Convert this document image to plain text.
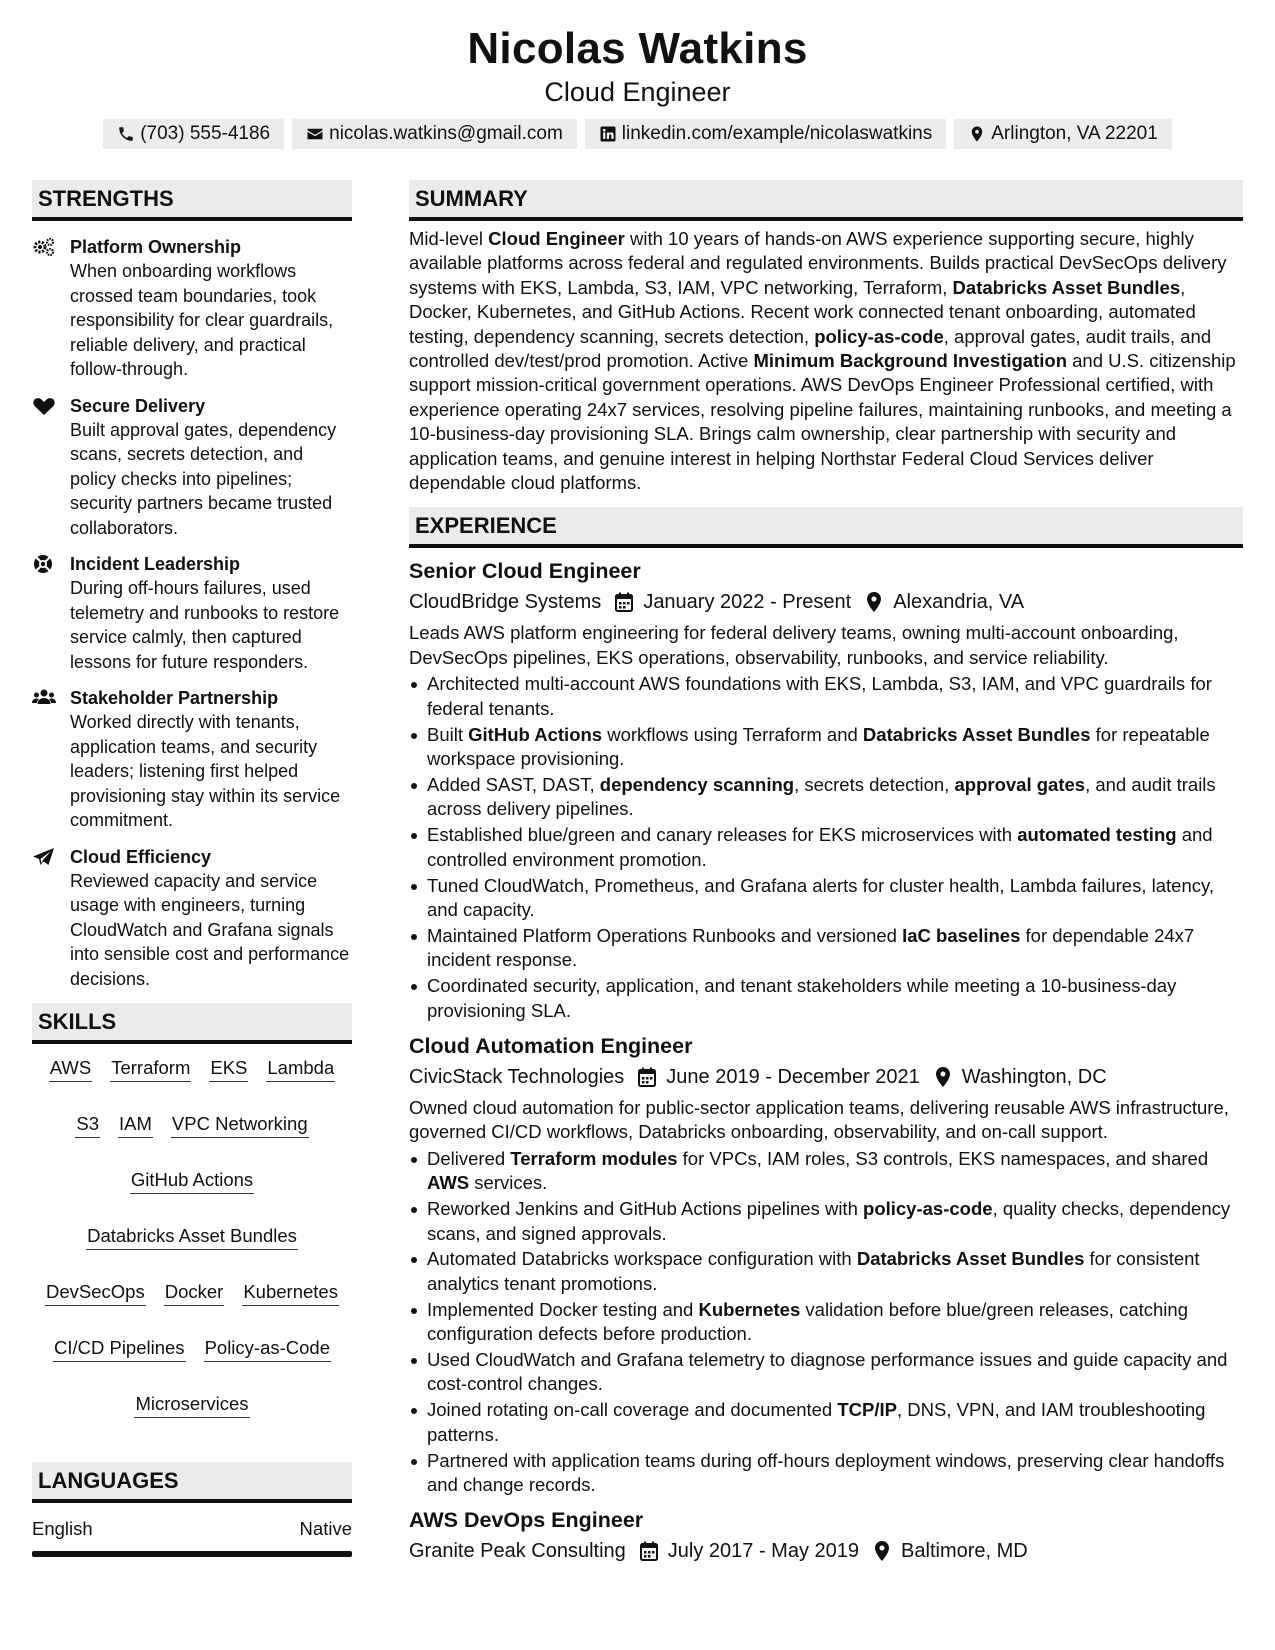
Nicolas Watkins
Cloud Engineer
(703) 555-4186	nicolas.watkins@gmail.com	linkedin.com/example/nicolaswatkins	Arlington, VA 22201
STRENGTHS
Platform Ownership
When onboarding workflows crossed team boundaries, took responsibility for clear guardrails, reliable delivery, and practical follow-through.
Secure Delivery
Built approval gates, dependency scans, secrets detection, and policy checks into pipelines; security partners became trusted collaborators.
Incident Leadership
During off-hours failures, used telemetry and runbooks to restore service calmly, then captured lessons for future responders.
Stakeholder Partnership
Worked directly with tenants, application teams, and security leaders; listening first helped provisioning stay within its service commitment.
Cloud Efficiency
Reviewed capacity and service usage with engineers, turning CloudWatch and Grafana signals into sensible cost and performance decisions.
SKILLS
AWS Terraform EKS Lambda
S3 IAM VPC Networking
GitHub Actions
Databricks Asset Bundles
DevSecOps Docker Kubernetes
CI/CD Pipelines Policy-as-Code
Microservices
LANGUAGES
English	Native
SUMMARY
Mid-level Cloud Engineer with 10 years of hands-on AWS experience supporting secure, highly available platforms across federal and regulated environments. Builds practical DevSecOps delivery systems with EKS, Lambda, S3, IAM, VPC networking, Terraform, Databricks Asset Bundles, Docker, Kubernetes, and GitHub Actions. Recent work connected tenant onboarding, automated testing, dependency scanning, secrets detection, policy-as-code, approval gates, audit trails, and controlled dev/test/prod promotion. Active Minimum Background Investigation and U.S. citizenship support mission-critical government operations. AWS DevOps Engineer Professional certified, with experience operating 24x7 services, resolving pipeline failures, maintaining runbooks, and meeting a 10-business-day provisioning SLA. Brings calm ownership, clear partnership with security and application teams, and genuine interest in helping Northstar Federal Cloud Services deliver dependable cloud platforms.
EXPERIENCE
Senior Cloud Engineer
CloudBridge Systems January 2022 - Present Alexandria, VA
Leads AWS platform engineering for federal delivery teams, owning multi-account onboarding, DevSecOps pipelines, EKS operations, observability, runbooks, and service reliability.
Architected multi-account AWS foundations with EKS, Lambda, S3, IAM, and VPC guardrails for federal tenants.
Built GitHub Actions workflows using Terraform and Databricks Asset Bundles for repeatable workspace provisioning.
Added SAST, DAST, dependency scanning, secrets detection, approval gates, and audit trails across delivery pipelines.
Established blue/green and canary releases for EKS microservices with automated testing and controlled environment promotion.
Tuned CloudWatch, Prometheus, and Grafana alerts for cluster health, Lambda failures, latency, and capacity.
Maintained Platform Operations Runbooks and versioned IaC baselines for dependable 24x7 incident response.
Coordinated security, application, and tenant stakeholders while meeting a 10-business-day provisioning SLA.
Cloud Automation Engineer
CivicStack Technologies June 2019 - December 2021 Washington, DC
Owned cloud automation for public-sector application teams, delivering reusable AWS infrastructure, governed CI/CD workflows, Databricks onboarding, observability, and on-call support.
Delivered Terraform modules for VPCs, IAM roles, S3 controls, EKS namespaces, and shared AWS services.
Reworked Jenkins and GitHub Actions pipelines with policy-as-code, quality checks, dependency scans, and signed approvals.
Automated Databricks workspace configuration with Databricks Asset Bundles for consistent analytics tenant promotions.
Implemented Docker testing and Kubernetes validation before blue/green releases, catching configuration defects before production.
Used CloudWatch and Grafana telemetry to diagnose performance issues and guide capacity and cost-control changes.
Joined rotating on-call coverage and documented TCP/IP, DNS, VPN, and IAM troubleshooting patterns.
Partnered with application teams during off-hours deployment windows, preserving clear handoffs and change records.
AWS DevOps Engineer
Granite Peak Consulting July 2017 - May 2019 Baltimore, MD
